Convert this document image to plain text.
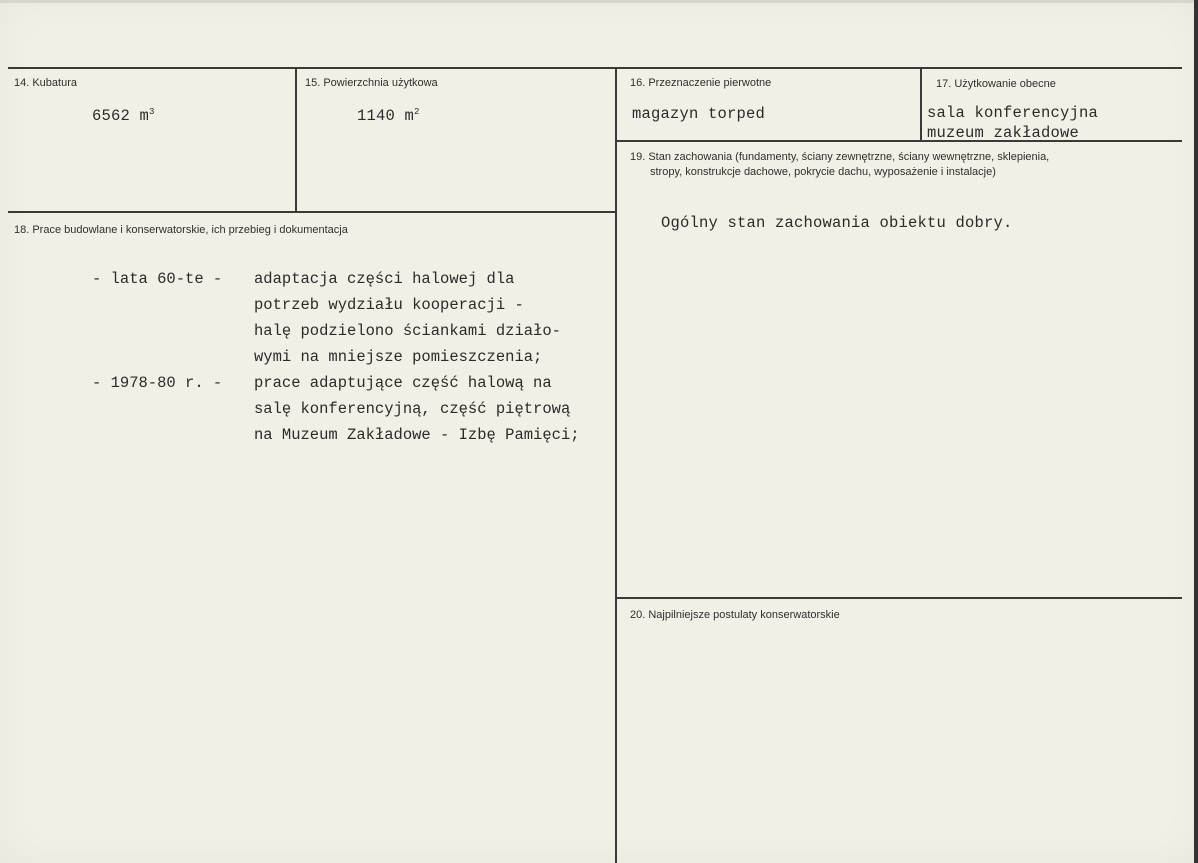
14. Kubatura
6562 $m^3$
15. Powierzchnia użytkowa
1140 $m^2$
16. Przeznaczenie pierwotne
magazyn torped
17. Użytkowanie obecne
sala konferencyjna
muzeum zakładowe
19. Stan zachowania (fundamenty, ściany zewnętrzne, ściany wewnętrzne, sklepienia,
stropy, konstrukcje dachowe, pokrycie dachu, wyposażenie i instalacje)
Ogólny stan zachowania obiektu dobry.
18. Prace budowlane i konserwatorskie, ich przebieg i dokumentacja
- lata 60-te - adaptacja części halowej dla
potrzeb wydziału kooperacji -
halę podzielono ściankami działo-
wymi na mniejsze pomieszczenia;
- 1978-80 r. - prace adaptujące część halową na
salę konferencyjną, część piętrową
na Muzeum Zakładowe - Izbę Pamięci;
20. Najpilniejsze postulaty konserwatorskie
